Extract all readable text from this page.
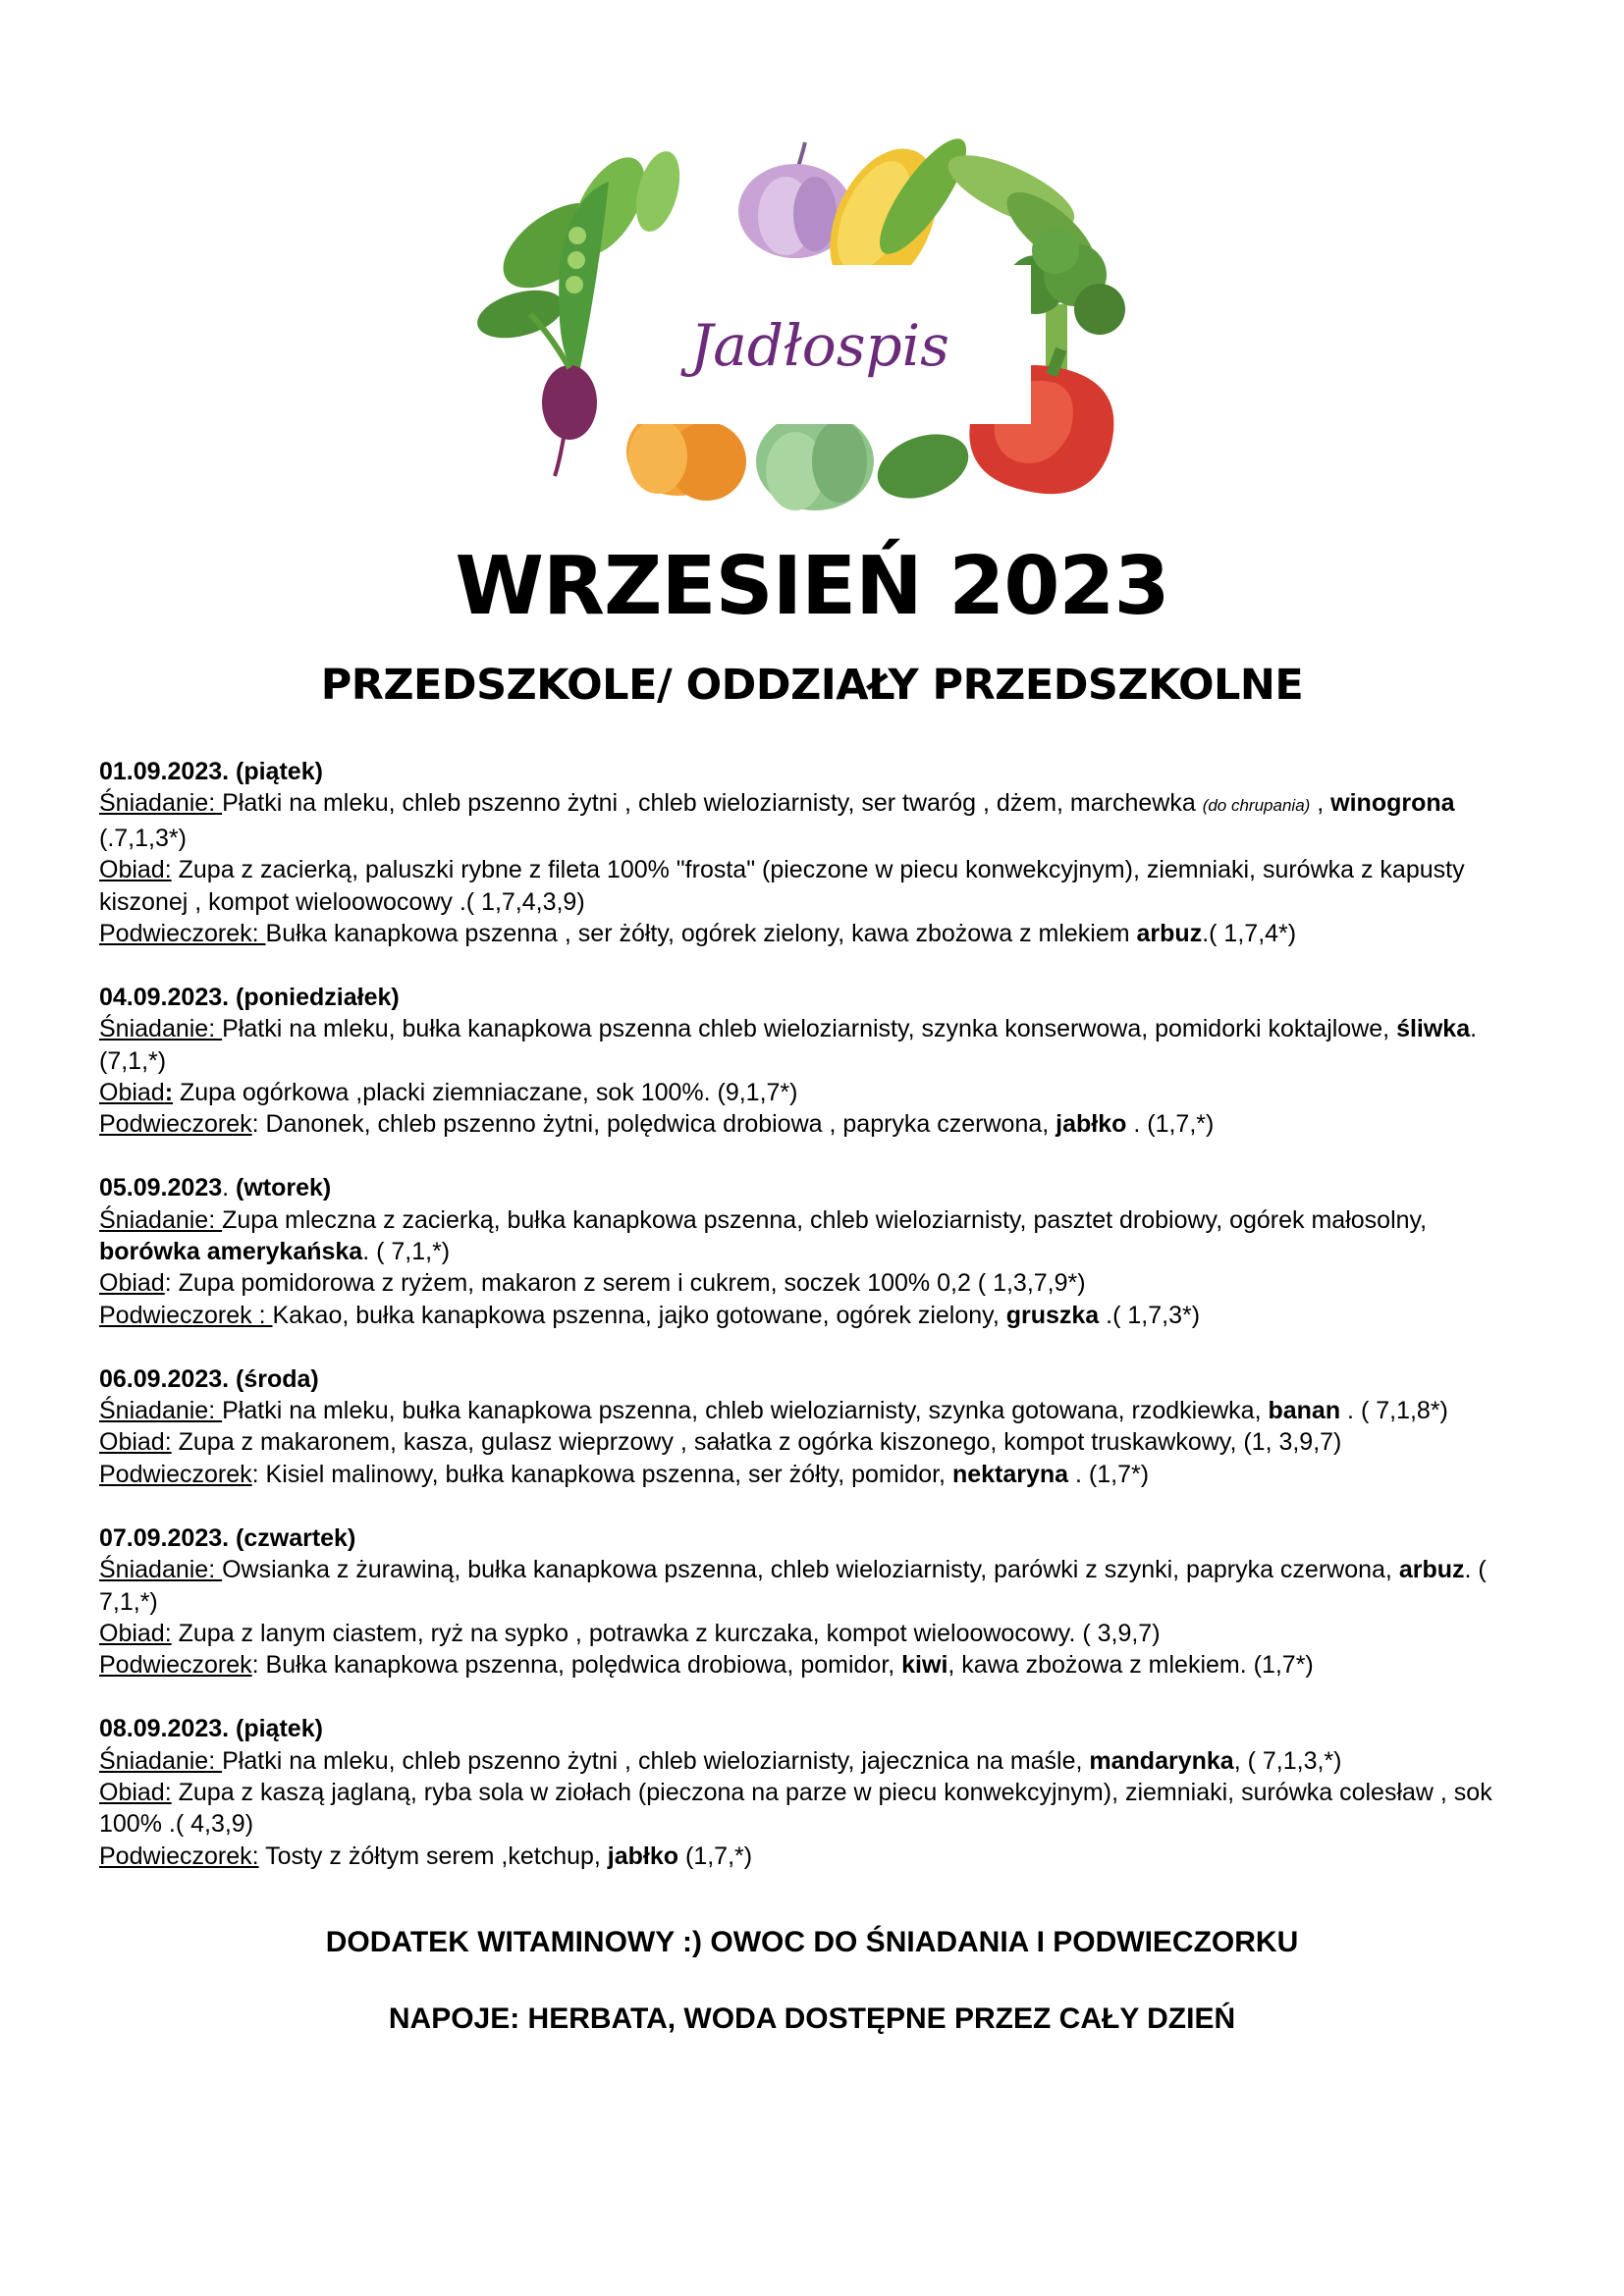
Jadłospis
WRZESIEŃ 2023
PRZEDSZKOLE/ ODDZIAŁY PRZEDSZKOLNE

01.09.2023. (piątek)

Śniadanie: Płatki na mleku, chleb pszenno żytni , chleb wieloziarnisty, ser twaróg , dżem, marchewka (do chrupania) , winogrona (.7,1,3*)

Obiad: Zupa z zacierką, paluszki rybne z fileta 100% "frosta" (pieczone w piecu konwekcyjnym), ziemniaki, surówka z kapusty kiszonej , kompot wieloowocowy .( 1,7,4,3,9)

Podwieczorek: Bułka kanapkowa pszenna , ser żółty, ogórek zielony, kawa zbożowa z mlekiem arbuz.( 1,7,4*)

04.09.2023. (poniedziałek)

Śniadanie: Płatki na mleku, bułka kanapkowa pszenna chleb wieloziarnisty, szynka konserwowa, pomidorki koktajlowe, śliwka. (7,1,*)

Obiad: Zupa ogórkowa ,placki ziemniaczane, sok 100%. (9,1,7*)

Podwieczorek: Danonek, chleb pszenno żytni, polędwica drobiowa , papryka czerwona, jabłko . (1,7,*)

05.09.2023. (wtorek)

Śniadanie: Zupa mleczna z zacierką, bułka kanapkowa pszenna, chleb wieloziarnisty, pasztet drobiowy, ogórek małosolny, borówka amerykańska. ( 7,1,*)

Obiad: Zupa pomidorowa z ryżem, makaron z serem i cukrem, soczek 100% 0,2 ( 1,3,7,9*)

Podwieczorek : Kakao, bułka kanapkowa pszenna, jajko gotowane, ogórek zielony, gruszka .( 1,7,3*)

06.09.2023. (środa)

Śniadanie: Płatki na mleku, bułka kanapkowa pszenna, chleb wieloziarnisty, szynka gotowana, rzodkiewka, banan . ( 7,1,8*)

Obiad: Zupa z makaronem, kasza, gulasz wieprzowy , sałatka z ogórka kiszonego, kompot truskawkowy, (1, 3,9,7)

Podwieczorek: Kisiel malinowy, bułka kanapkowa pszenna, ser żółty, pomidor, nektaryna . (1,7*)

07.09.2023. (czwartek)

Śniadanie: Owsianka z żurawiną, bułka kanapkowa pszenna, chleb wieloziarnisty, parówki z szynki, papryka czerwona, arbuz. ( 7,1,*)

Obiad: Zupa z lanym ciastem, ryż na sypko , potrawka z kurczaka, kompot wieloowocowy. ( 3,9,7)

Podwieczorek: Bułka kanapkowa pszenna, polędwica drobiowa, pomidor, kiwi, kawa zbożowa z mlekiem. (1,7*)

08.09.2023. (piątek)

Śniadanie: Płatki na mleku, chleb pszenno żytni , chleb wieloziarnisty, jajecznica na maśle, mandarynka, ( 7,1,3,*)

Obiad: Zupa z kaszą jaglaną, ryba sola w ziołach (pieczona na parze w piecu konwekcyjnym), ziemniaki, surówka colesław , sok 100% .( 4,3,9)

Podwieczorek: Tosty z żółtym serem ,ketchup, jabłko (1,7,*)

DODATEK WITAMINOWY :) OWOC DO ŚNIADANIA I PODWIECZORKU

NAPOJE: HERBATA, WODA DOSTĘPNE PRZEZ CAŁY DZIEŃ
